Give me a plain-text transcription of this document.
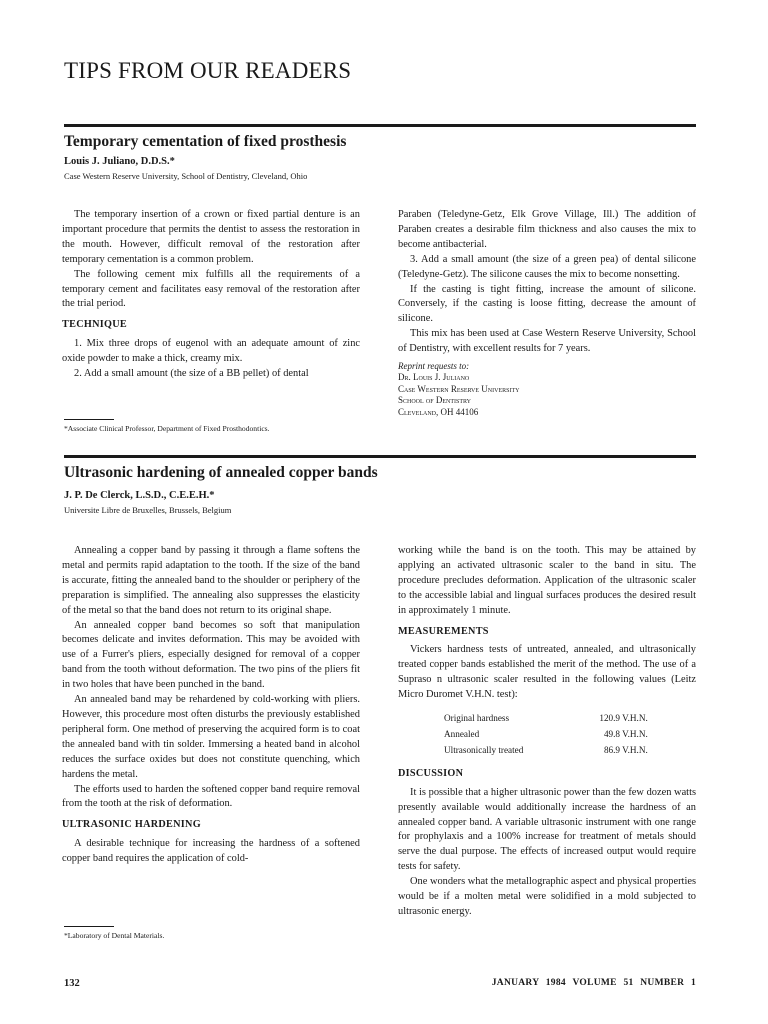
TIPS FROM OUR READERS
Temporary cementation of fixed prosthesis
Louis J. Juliano, D.D.S.*
Case Western Reserve University, School of Dentistry, Cleveland, Ohio

The temporary insertion of a crown or fixed partial denture is an important procedure that permits the dentist to assess the restoration in the mouth. However, difficult removal of the restoration after temporary cementation is a common problem.

The following cement mix fulfills all the requirements of a temporary cement and facilitates easy removal of the restoration after the trial period.

TECHNIQUE

1. Mix three drops of eugenol with an adequate amount of zinc oxide powder to make a thick, creamy mix.

2. Add a small amount (the size of a BB pellet) of dental

Paraben (Teledyne-Getz, Elk Grove Village, Ill.) The addition of Paraben creates a desirable film thickness and also causes the mix to become antibacterial.

3. Add a small amount (the size of a green pea) of dental silicone (Teledyne-Getz). The silicone causes the mix to become nonsetting.

If the casting is tight fitting, increase the amount of silicone. Conversely, if the casting is loose fitting, decrease the amount of silicone.

This mix has been used at Case Western Reserve University, School of Dentistry, with excellent results for 7 years.

Reprint requests to:
Dr. Louis J. Juliano
Case Western Reserve University
School of Dentistry
Cleveland, OH 44106
*Associate Clinical Professor, Department of Fixed Prosthodontics.
Ultrasonic hardening of annealed copper bands
J. P. De Clerck, L.S.D., C.E.E.H.*
Universite Libre de Bruxelles, Brussels, Belgium

Annealing a copper band by passing it through a flame softens the metal and permits rapid adaptation to the tooth. If the size of the band is accurate, fitting the annealed band to the shoulder or periphery of the preparation is simplified. The annealing also suppresses the elasticity of the metal so that the band does not return to its original shape.

An annealed copper band becomes so soft that manipulation becomes delicate and invites deformation. This may be avoided with use of a Furrer's pliers, especially designed for removal of a copper band from the tooth without deformation. The two pins of the pliers fit in two holes that have been punched in the band.

An annealed band may be rehardened by cold-working with pliers. However, this procedure most often disturbs the previously established peripheral form. One method of preserving the acquired form is to coat the annealed band with tin solder. Immersing a heated band in alcohol reduces the surface oxides but does not constitute quenching, which hardens the metal.

The efforts used to harden the softened copper band require removal from the tooth at the risk of deformation.

ULTRASONIC HARDENING

A desirable technique for increasing the hardness of a softened copper band requires the application of cold-

working while the band is on the tooth. This may be attained by applying an activated ultrasonic scaler to the band in situ. The procedure precludes deformation. Application of the ultrasonic scaler to the accessible labial and lingual surfaces produces the desired result in approximately 1 minute.

MEASUREMENTS

Vickers hardness tests of untreated, annealed, and ultrasonically treated copper bands established the merit of the method. The use of a Supraso n ultrasonic scaler resulted in the following values (Leitz Micro Duromet V.H.N. test):

Original hardness	120.9 V.H.N.
Annealed	49.8 V.H.N.
Ultrasonically treated	86.9 V.H.N.
DISCUSSION

It is possible that a higher ultrasonic power than the few dozen watts presently available would additionally increase the hardness of an annealed copper band. A variable ultrasonic instrument with one range for prophylaxis and a 100% increase for treatment of metals should serve the dual purpose. The effects of increased output would require tests for safety.

One wonders what the metallographic aspect and physical properties would be if a molten metal were solidified in a mold subjected to ultrasonic energy.

*Laboratory of Dental Materials.
132	JANUARY 1984 VOLUME 51 NUMBER 1
